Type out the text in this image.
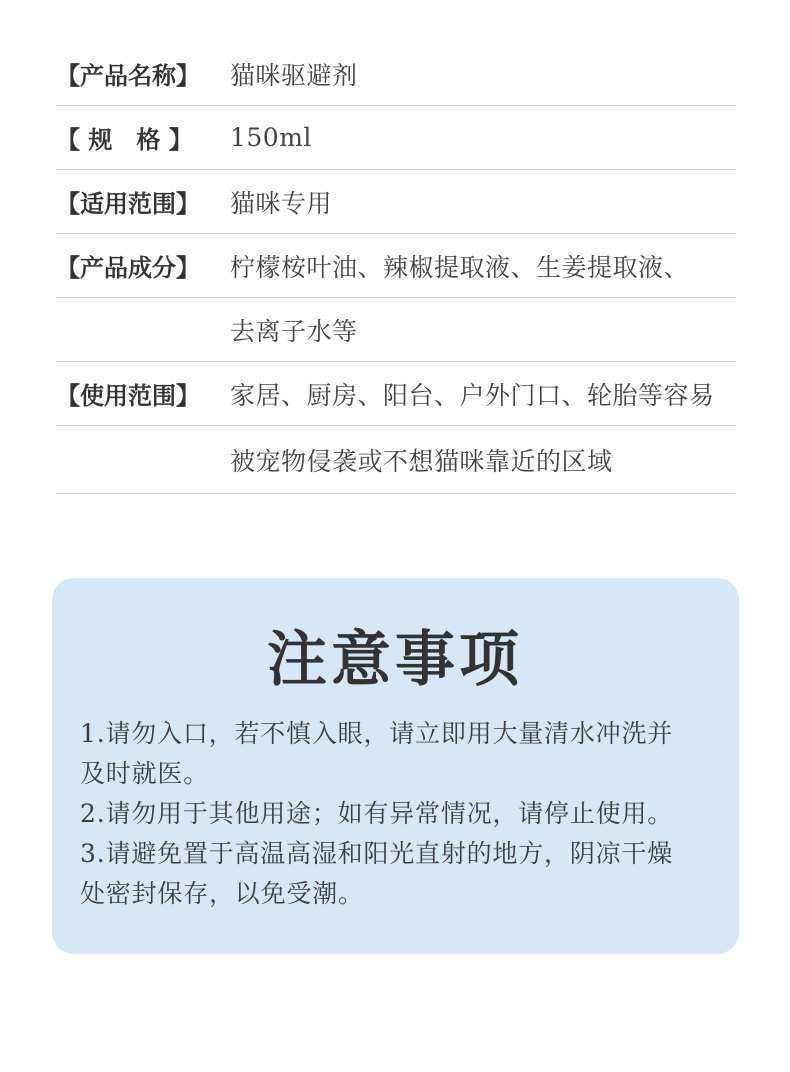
【产品名称】	猫咪驱避剂
【 规　格 】	150ml
【适用范围】	猫咪专用
【产品成分】	柠檬桉叶油、辣椒提取液、生姜提取液、
去离子水等
【使用范围】	家居、厨房、阳台、户外门口、轮胎等容易
被宠物侵袭或不想猫咪靠近的区域
注意事项
1.请勿入口，若不慎入眼，请立即用大量清水冲洗并
及时就医。
2.请勿用于其他用途；如有异常情况，请停止使用。
3.请避免置于高温高湿和阳光直射的地方，阴凉干燥
处密封保存，以免受潮。
